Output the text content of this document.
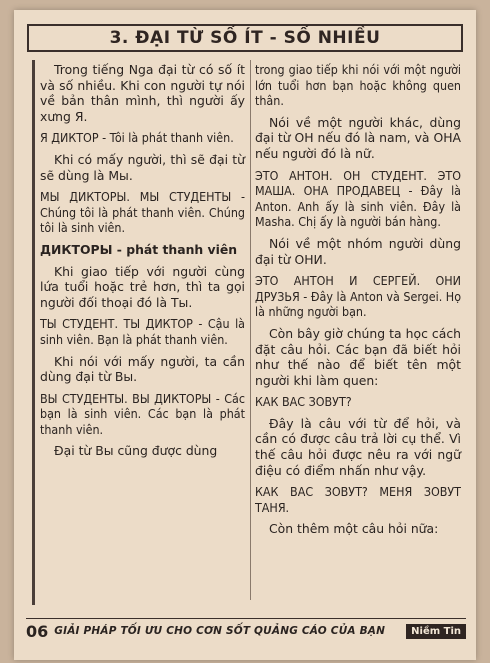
3. ĐẠI TỪ SỐ ÍT - SỐ NHIỀU

Trong tiếng Nga đại từ có số ít và số nhiều. Khi con người tự nói về bản thân mình, thì người ấy xưng Я.

Я ДИКТОР - Tôi là phát thanh viên.

Khi có mấy người, thì sẽ đại từ sẽ dùng là Мы.

МЫ ДИКТОРЫ. МЫ СТУДЕНТЫ - Chúng tôi là phát thanh viên. Chúng tôi là sinh viên.

ДИКТОРЫ - phát thanh viên

Khi giao tiếp với người cùng lứa tuổi hoặc trẻ hơn, thì ta gọi người đối thoại đó là Ты.

ТЫ СТУДЕНТ. ТЫ ДИКТОР - Cậu là sinh viên. Bạn là phát thanh viên.

Khi nói với mấy người, ta cần dùng đại từ Вы.

ВЫ СТУДЕНТЫ. ВЫ ДИКТОРЫ - Các bạn là sinh viên. Các bạn là phát thanh viên.

Đại từ Вы cũng được dùng

trong giao tiếp khi nói với một người lớn tuổi hơn bạn hoặc không quen thân.

Nói về một người khác, dùng đại từ ОН nếu đó là nam, và ОНА nếu người đó là nữ.

ЭТО АНТОН. ОН СТУДЕНТ. ЭТО МАША. ОНА ПРОДАВЕЦ - Đây là Anton. Anh ấy là sinh viên. Đây là Masha. Chị ấy là người bán hàng.

Nói về một nhóm người dùng đại từ ОНИ.

ЭТО АНТОН И СЕРГЕЙ. ОНИ ДРУЗЬЯ - Đây là Anton và Sergei. Họ là những người bạn.

Còn bây giờ chúng ta học cách đặt câu hỏi. Các bạn đã biết hỏi như thế nào để biết tên một người khi làm quen:

КАК ВАС ЗОВУТ?

Đây là câu với từ để hỏi, và cần có được câu trả lời cụ thể. Vì thế câu hỏi được nêu ra với ngữ điệu có điểm nhấn như vậy.

КАК ВАС ЗОВУТ? МЕНЯ ЗОВУТ ТАНЯ.

Còn thêm một câu hỏi nữa:

06 GIẢI PHÁP TỐI ƯU CHO CƠN SỐT QUẢNG CÁO CỦA BẠN	Niềm Tin
